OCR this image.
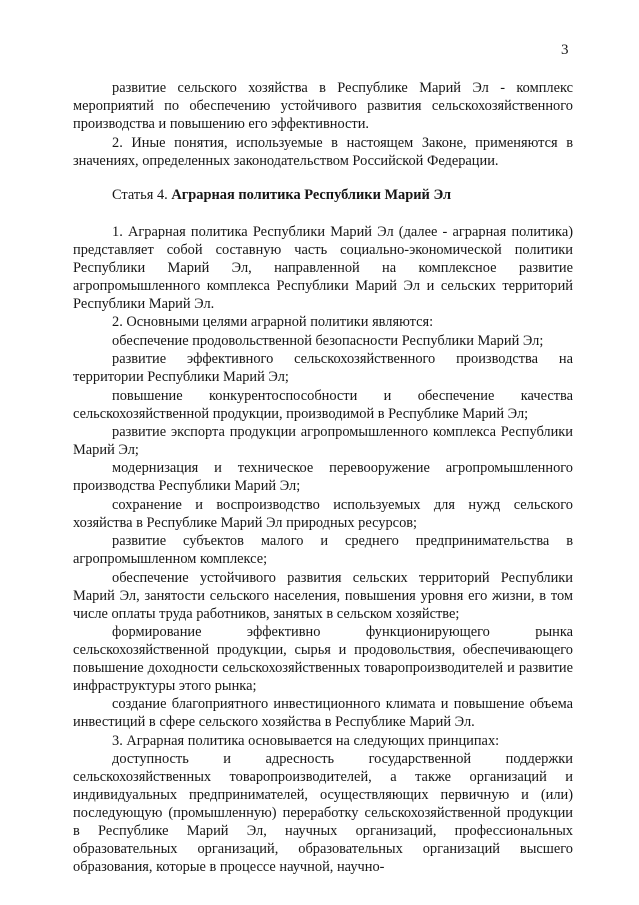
3

развитие сельского хозяйства в Республике Марий Эл - комплекс мероприятий по обеспечению устойчивого развития сельскохозяйственного производства и повышению его эффективности.

2. Иные понятия, используемые в настоящем Законе, применяются в значениях, определенных законодательством Российской Федерации.

Статья 4. Аграрная политика Республики Марий Эл

1. Аграрная политика Республики Марий Эл (далее - аграрная политика) представляет собой составную часть социально-экономической политики Республики Марий Эл, направленной на комплексное развитие агропромышленного комплекса Республики Марий Эл и сельских территорий Республики Марий Эл.

2. Основными целями аграрной политики являются:

обеспечение продовольственной безопасности Республики Марий Эл;

развитие эффективного сельскохозяйственного производства на территории Республики Марий Эл;

повышение конкурентоспособности и обеспечение качества сельскохозяйственной продукции, производимой в Республике Марий Эл;

развитие экспорта продукции агропромышленного комплекса Республики Марий Эл;

модернизация и техническое перевооружение агропромышленного производства Республики Марий Эл;

сохранение и воспроизводство используемых для нужд сельского хозяйства в Республике Марий Эл природных ресурсов;

развитие субъектов малого и среднего предпринимательства в агропромышленном комплексе;

обеспечение устойчивого развития сельских территорий Республики Марий Эл, занятости сельского населения, повышения уровня его жизни, в том числе оплаты труда работников, занятых в сельском хозяйстве;

формирование эффективно функционирующего рынка сельскохозяйственной продукции, сырья и продовольствия, обеспечивающего повышение доходности сельскохозяйственных товаропроизводителей и развитие инфраструктуры этого рынка;

создание благоприятного инвестиционного климата и повышение объема инвестиций в сфере сельского хозяйства в Республике Марий Эл.

3. Аграрная политика основывается на следующих принципах:

доступность и адресность государственной поддержки сельскохозяйственных товаропроизводителей, а также организаций и индивидуальных предпринимателей, осуществляющих первичную и (или) последующую (промышленную) переработку сельскохозяйственной продукции в Республике Марий Эл, научных организаций, профессиональных образовательных организаций, образовательных организаций высшего образования, которые в процессе научной, научно-
